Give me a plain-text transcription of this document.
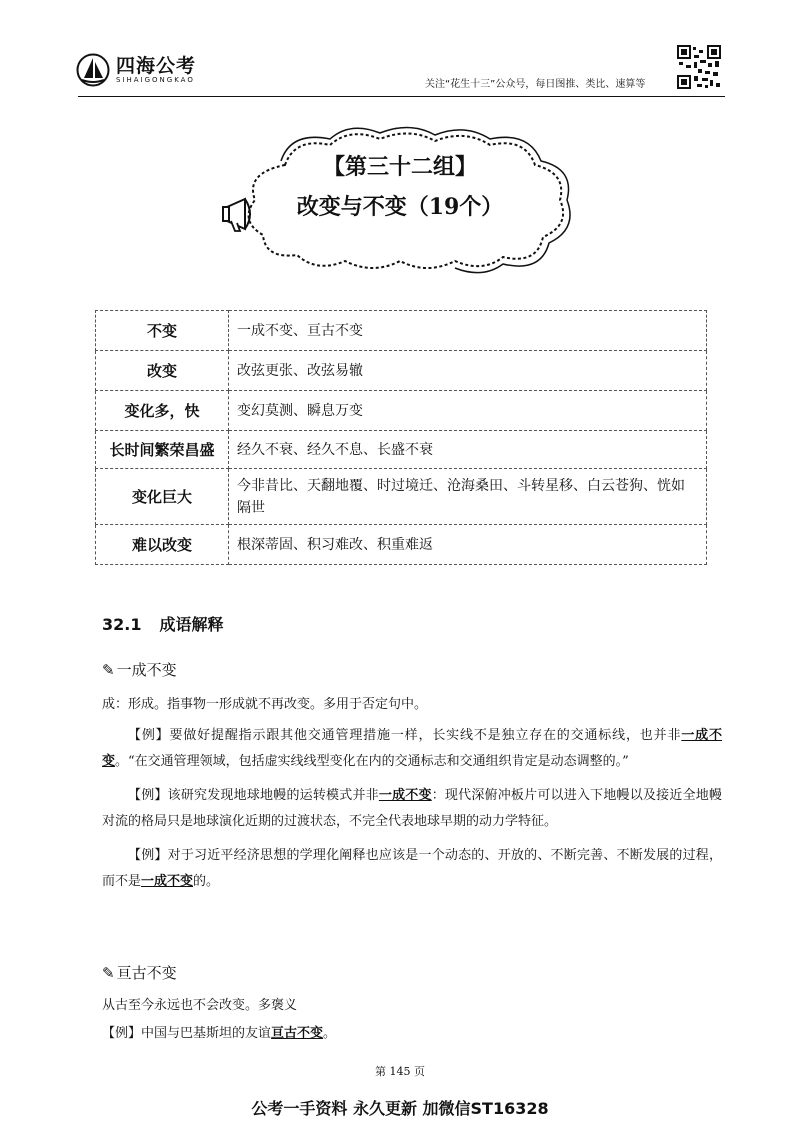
四海公考
SIHAIGONGKAO	关注“花生十三”公众号，每日图推、类比、速算等
【第三十二组】
改变与不变（19个）
不变	一成不变、亘古不变
改变	改弦更张、改弦易辙
变化多，快	变幻莫测、瞬息万变
长时间繁荣昌盛	经久不衰、经久不息、长盛不衰
变化巨大	今非昔比、天翻地覆、时过境迁、沧海桑田、斗转星移、白云苍狗、恍如隔世
难以改变	根深蒂固、积习难改、积重难返
32.1 成语解释
✎ 一成不变
成：形成。指事物一形成就不再改变。多用于否定句中。
【例】要做好提醒指示跟其他交通管理措施一样，长实线不是独立存在的交通标线，也并非一成不变。“在交通管理领域，包括虚实线线型变化在内的交通标志和交通组织肯定是动态调整的。”
【例】该研究发现地球地幔的运转模式并非一成不变：现代深俯冲板片可以进入下地幔以及接近全地幔对流的格局只是地球演化近期的过渡状态，不完全代表地球早期的动力学特征。
【例】对于习近平经济思想的学理化阐释也应该是一个动态的、开放的、不断完善、不断发展的过程，而不是一成不变的。
✎ 亘古不变
从古至今永远也不会改变。多褒义
【例】中国与巴基斯坦的友谊亘古不变。
第 145 页
公考一手资料 永久更新 加微信ST16328
